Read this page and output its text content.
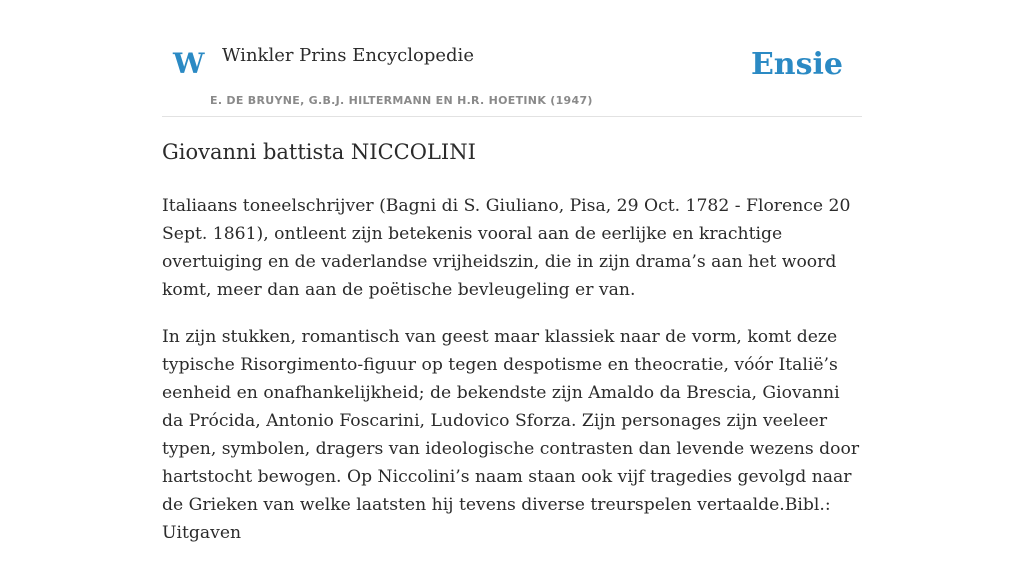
W Winkler Prins Encyclopedie
E. DE BRUYNE, G.B.J. HILTERMANN EN H.R. HOETINK (1947)
Ensie
Giovanni battista NICCOLINI

Italiaans toneelschrijver (Bagni di S. Giuliano, Pisa, 29 Oct. 1782 - Florence 20 Sept. 1861), ontleent zijn betekenis vooral aan de eerlijke en krachtige overtuiging en de vaderlandse vrijheidszin, die in zijn drama’s aan het woord komt, meer dan aan de poëtische bevleugeling er van.

In zijn stukken, romantisch van geest maar klassiek naar de vorm, komt deze typische Risorgimento-figuur op tegen despotisme en theocratie, vóór Italië’s eenheid en onafhankelijkheid; de bekendste zijn Amaldo da Brescia, Giovanni da Prócida, Antonio Foscarini, Ludovico Sforza. Zijn personages zijn veeleer typen, symbolen, dragers van ideologische contrasten dan levende wezens door hartstocht bewogen. Op Niccolini’s naam staan ook vijf tragedies gevolgd naar de Grieken van welke laatsten hij tevens diverse treurspelen vertaalde.Bibl.: Uitgaven
